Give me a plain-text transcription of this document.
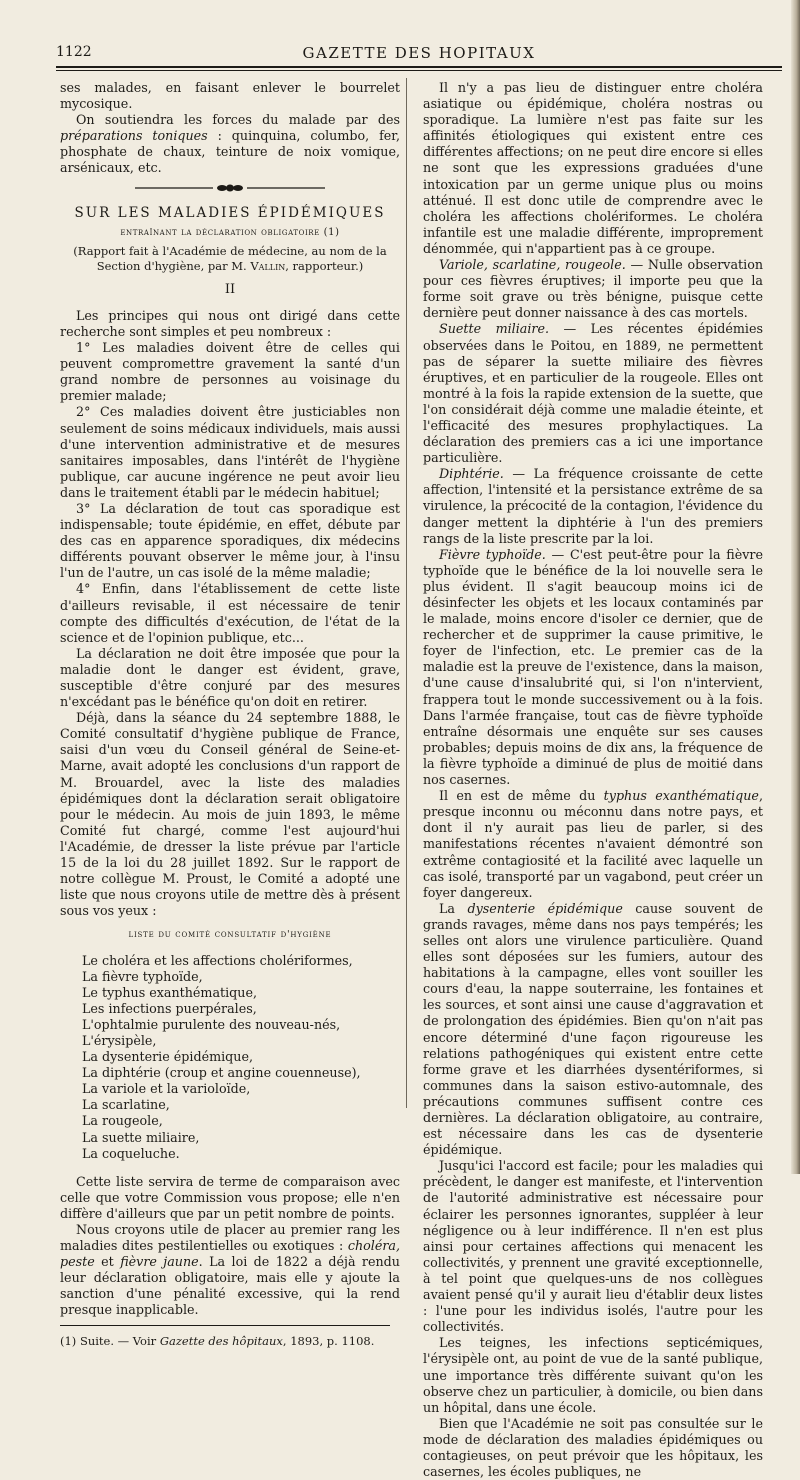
1122	GAZETTE DES HOPITAUX

ses malades, en faisant enlever le bourrelet mycosique.

On soutiendra les forces du malade par des préparations toniques : quinquina, columbo, fer, phosphate de chaux, teinture de noix vomique, arsénicaux, etc.

SUR LES MALADIES ÉPIDÉMIQUES
entraînant la déclaration obligatoire (1)
(Rapport fait à l'Académie de médecine, au nom de la Section d'hygiène, par M. Vallin, rapporteur.)
II

Les principes qui nous ont dirigé dans cette recherche sont simples et peu nombreux :

1° Les maladies doivent être de celles qui peuvent compromettre gravement la santé d'un grand nombre de personnes au voisinage du premier malade;

2° Ces maladies doivent être justiciables non seulement de soins médicaux individuels, mais aussi d'une intervention administrative et de mesures sanitaires imposables, dans l'intérêt de l'hygiène publique, car aucune ingérence ne peut avoir lieu dans le traitement établi par le médecin habituel;

3° La déclaration de tout cas sporadique est indispensable; toute épidémie, en effet, débute par des cas en apparence sporadiques, dix médecins différents pouvant observer le même jour, à l'insu l'un de l'autre, un cas isolé de la même maladie;

4° Enfin, dans l'établissement de cette liste d'ailleurs revisable, il est nécessaire de tenir compte des difficultés d'exécution, de l'état de la science et de l'opinion publique, etc...

La déclaration ne doit être imposée que pour la maladie dont le danger est évident, grave, susceptible d'être conjuré par des mesures n'excédant pas le bénéfice qu'on doit en retirer.

Déjà, dans la séance du 24 septembre 1888, le Comité consultatif d'hygiène publique de France, saisi d'un vœu du Conseil général de Seine-et-Marne, avait adopté les conclusions d'un rapport de M. Brouardel, avec la liste des maladies épidémiques dont la déclaration serait obligatoire pour le médecin. Au mois de juin 1893, le même Comité fut chargé, comme l'est aujourd'hui l'Académie, de dresser la liste prévue par l'article 15 de la loi du 28 juillet 1892. Sur le rapport de notre collègue M. Proust, le Comité a adopté une liste que nous croyons utile de mettre dès à présent sous vos yeux :

liste du comité consultatif d'hygiène
Le choléra et les affections cholériformes,
La fièvre typhoïde,
Le typhus exanthématique,
Les infections puerpérales,
L'ophtalmie purulente des nouveau-nés,
L'érysipèle,
La dysenterie épidémique,
La diphtérie (croup et angine couenneuse),
La variole et la varioloïde,
La scarlatine,
La rougeole,
La suette miliaire,
La coqueluche.

Cette liste servira de terme de comparaison avec celle que votre Commission vous propose; elle n'en diffère d'ailleurs que par un petit nombre de points.

Nous croyons utile de placer au premier rang les maladies dites pestilentielles ou exotiques : choléra, peste et fièvre jaune. La loi de 1822 a déjà rendu leur déclaration obligatoire, mais elle y ajoute la sanction d'une pénalité excessive, qui la rend presque inapplicable.

(1) Suite. — Voir Gazette des hôpitaux, 1893, p. 1108.

Il n'y a pas lieu de distinguer entre choléra asiatique ou épidémique, choléra nostras ou sporadique. La lumière n'est pas faite sur les affinités étiologiques qui existent entre ces différentes affections; on ne peut dire encore si elles ne sont que les expressions graduées d'une intoxication par un germe unique plus ou moins atténué. Il est donc utile de comprendre avec le choléra les affections cholériformes. Le choléra infantile est une maladie différente, improprement dénommée, qui n'appartient pas à ce groupe.

Variole, scarlatine, rougeole. — Nulle observation pour ces fièvres éruptives; il importe peu que la forme soit grave ou très bénigne, puisque cette dernière peut donner naissance à des cas mortels.

Suette miliaire. — Les récentes épidémies observées dans le Poitou, en 1889, ne permettent pas de séparer la suette miliaire des fièvres éruptives, et en particulier de la rougeole. Elles ont montré à la fois la rapide extension de la suette, que l'on considérait déjà comme une maladie éteinte, et l'efficacité des mesures prophylactiques. La déclaration des premiers cas a ici une importance particulière.

Diphtérie. — La fréquence croissante de cette affection, l'intensité et la persistance extrême de sa virulence, la précocité de la contagion, l'évidence du danger mettent la diphtérie à l'un des premiers rangs de la liste prescrite par la loi.

Fièvre typhoïde. — C'est peut-être pour la fièvre typhoïde que le bénéfice de la loi nouvelle sera le plus évident. Il s'agit beaucoup moins ici de désinfecter les objets et les locaux contaminés par le malade, moins encore d'isoler ce dernier, que de rechercher et de supprimer la cause primitive, le foyer de l'infection, etc. Le premier cas de la maladie est la preuve de l'existence, dans la maison, d'une cause d'insalubrité qui, si l'on n'intervient, frappera tout le monde successivement ou à la fois. Dans l'armée française, tout cas de fièvre typhoïde entraîne désormais une enquête sur ses causes probables; depuis moins de dix ans, la fréquence de la fièvre typhoïde a diminué de plus de moitié dans nos casernes.

Il en est de même du typhus exanthématique, presque inconnu ou méconnu dans notre pays, et dont il n'y aurait pas lieu de parler, si des manifestations récentes n'avaient démontré son extrême contagiosité et la facilité avec laquelle un cas isolé, transporté par un vagabond, peut créer un foyer dangereux.

La dysenterie épidémique cause souvent de grands ravages, même dans nos pays tempérés; les selles ont alors une virulence particulière. Quand elles sont déposées sur les fumiers, autour des habitations à la campagne, elles vont souiller les cours d'eau, la nappe souterraine, les fontaines et les sources, et sont ainsi une cause d'aggravation et de prolongation des épidémies. Bien qu'on n'ait pas encore déterminé d'une façon rigoureuse les relations pathogéniques qui existent entre cette forme grave et les diarrhées dysentériformes, si communes dans la saison estivo-automnale, des précautions communes suffisent contre ces dernières. La déclaration obligatoire, au contraire, est nécessaire dans les cas de dysenterie épidémique.

Jusqu'ici l'accord est facile; pour les maladies qui précèdent, le danger est manifeste, et l'intervention de l'autorité administrative est nécessaire pour éclairer les personnes ignorantes, suppléer à leur négligence ou à leur indifférence. Il n'en est plus ainsi pour certaines affections qui menacent les collectivités, y prennent une gravité exceptionnelle, à tel point que quelques-uns de nos collègues avaient pensé qu'il y aurait lieu d'établir deux listes : l'une pour les individus isolés, l'autre pour les collectivités.

Les teignes, les infections septicémiques, l'érysipèle ont, au point de vue de la santé publique, une importance très différente suivant qu'on les observe chez un particulier, à domicile, ou bien dans un hôpital, dans une école.

Bien que l'Académie ne soit pas consultée sur le mode de déclaration des maladies épidémiques ou contagieuses, on peut prévoir que les hôpitaux, les casernes, les écoles publiques, ne
